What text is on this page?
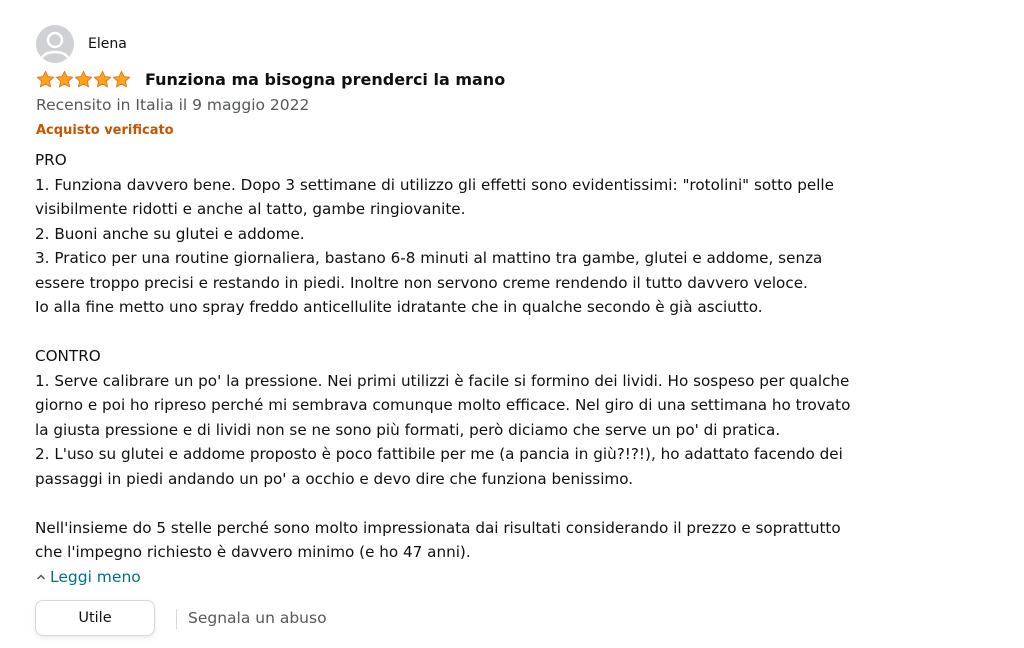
Elena
Funziona ma bisogna prenderci la mano
Recensito in Italia il 9 maggio 2022
Acquisto verificato
PRO
1. Funziona davvero bene. Dopo 3 settimane di utilizzo gli effetti sono evidentissimi: "rotolini" sotto pelle
visibilmente ridotti e anche al tatto, gambe ringiovanite.
2. Buoni anche su glutei e addome.
3. Pratico per una routine giornaliera, bastano 6-8 minuti al mattino tra gambe, glutei e addome, senza
essere troppo precisi e restando in piedi. Inoltre non servono creme rendendo il tutto davvero veloce.
Io alla fine metto uno spray freddo anticellulite idratante che in qualche secondo è già asciutto.
CONTRO
1. Serve calibrare un po' la pressione. Nei primi utilizzi è facile si formino dei lividi. Ho sospeso per qualche
giorno e poi ho ripreso perché mi sembrava comunque molto efficace. Nel giro di una settimana ho trovato
la giusta pressione e di lividi non se ne sono più formati, però diciamo che serve un po' di pratica.
2. L'uso su glutei e addome proposto è poco fattibile per me (a pancia in giù?!?!), ho adattato facendo dei
passaggi in piedi andando un po' a occhio e devo dire che funziona benissimo.
Nell'insieme do 5 stelle perché sono molto impressionata dai risultati considerando il prezzo e soprattutto
che l'impegno richiesto è davvero minimo (e ho 47 anni).
Leggi meno
Utile	Segnala un abuso
